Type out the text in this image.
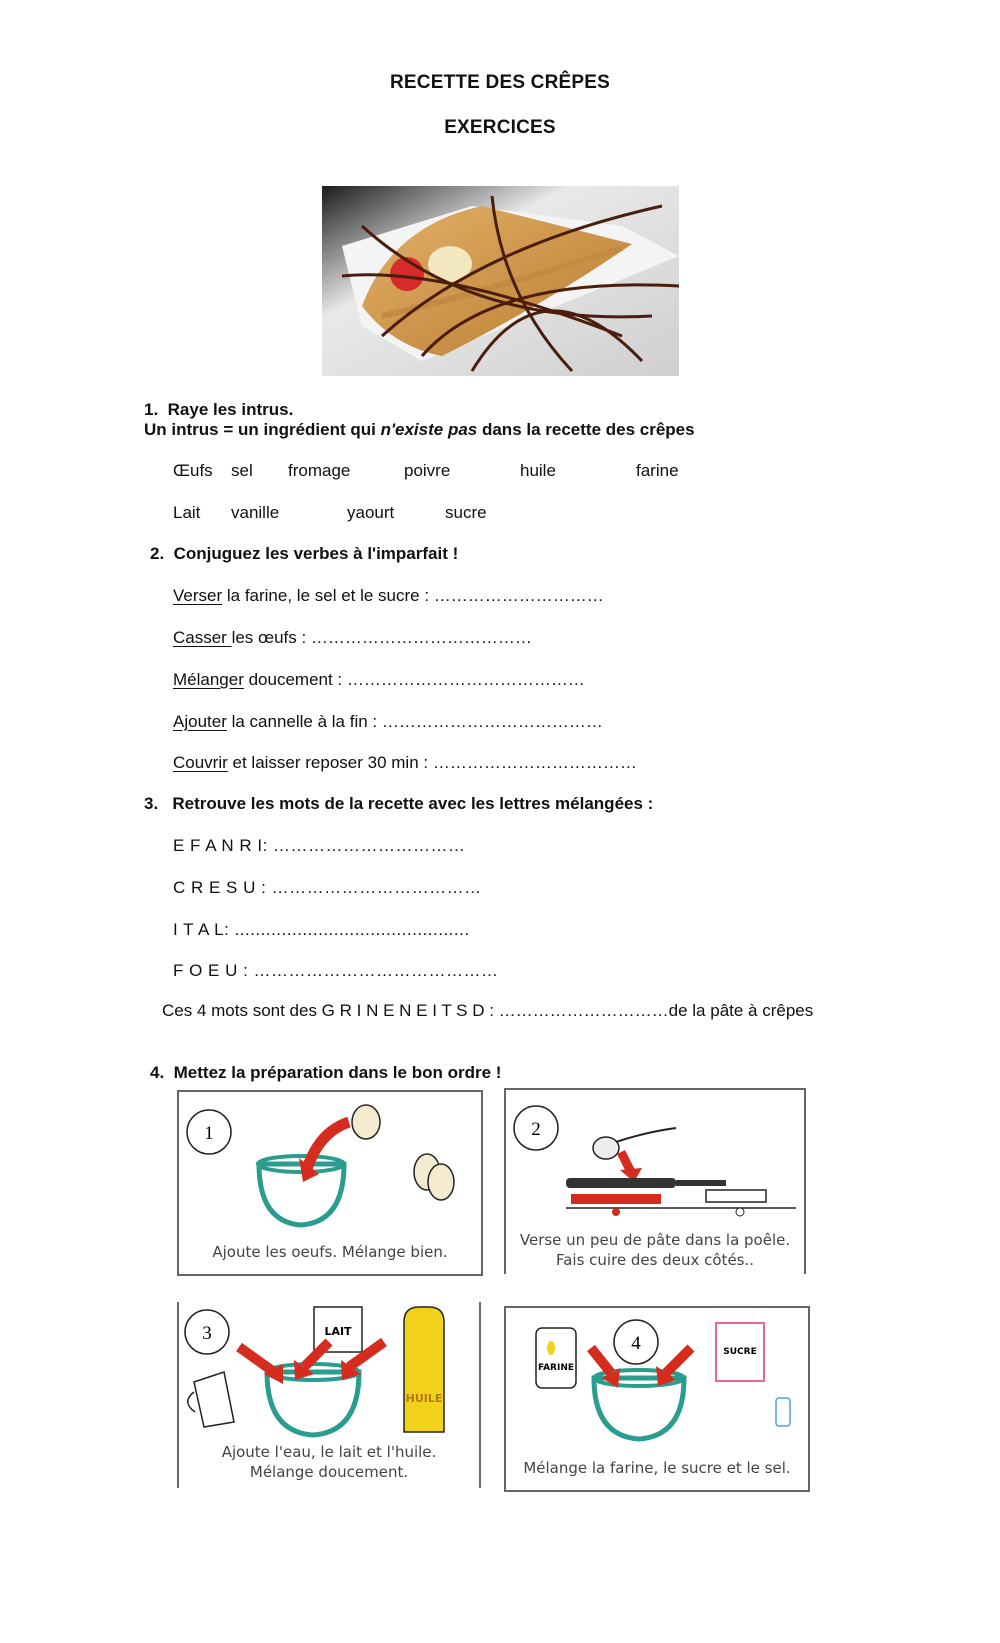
RECETTE DES CRÊPES
EXERCICES
1. Raye les intrus.
Un intrus = un ingrédient qui n'existe pas dans la recette des crêpes
Œufs sel fromage	poivre	huile	farine
Lait vanille	yaourt	sucre
2. Conjuguez les verbes à l'imparfait !
Verser la farine, le sel et le sucre : …………………………
Casser les œufs : …………………………………
Mélanger doucement : ……………………………………
Ajouter la cannelle à la fin : …………………………………
Couvrir et laisser reposer 30 min : ………………………………
3. Retrouve les mots de la recette avec les lettres mélangées :
E F A N R I: ……………………………
C R E S U : ………………………………
I T A L: .............................................
F O E U : ……………………………………
Ces 4 mots sont des G R I N E N E I T S D : …………………………de la pâte à crêpes
4. Mettez la préparation dans le bon ordre !
1
Ajoute les oeufs. Mélange bien.
2
Verse un peu de pâte dans la poêle.
Fais cuire des deux côtés..
3	LAIT
HUILE
Ajoute l'eau, le lait et l'huile.
Mélange doucement.
FARINE
4	SUCRE
Mélange la farine, le sucre et le sel.
